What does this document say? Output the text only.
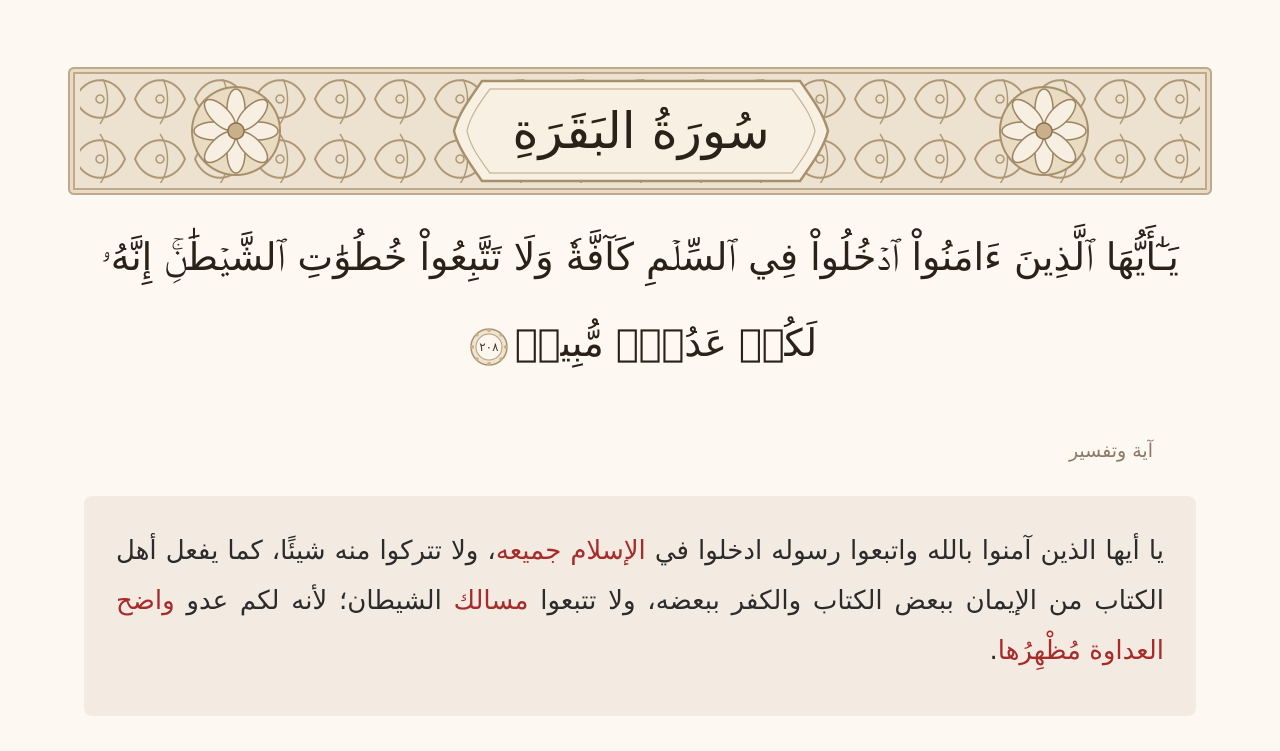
سُورَةُ البَقَرَةِ
يَـٰٓأَيُّهَا ٱلَّذِينَ ءَامَنُواْ ٱدۡخُلُواْ فِي ٱلسِّلۡمِ كَآفَّةٗ وَلَا تَتَّبِعُواْ خُطُوَٰتِ ٱلشَّيۡطَٰنِۚ إِنَّهُۥ
لَكُمۡ عَدُوّٞ مُّبِينٞ
٢٠٨
آية وتفسير
يا أيها الذين آمنوا بالله واتبعوا رسوله ادخلوا في الإسلام جميعه، ولا تتركوا منه شيئًا، كما يفعل أهل الكتاب من الإيمان ببعض الكتاب والكفر ببعضه، ولا تتبعوا مسالك الشيطان؛ لأنه لكم عدو واضح العداوة مُظْهِرُها.
